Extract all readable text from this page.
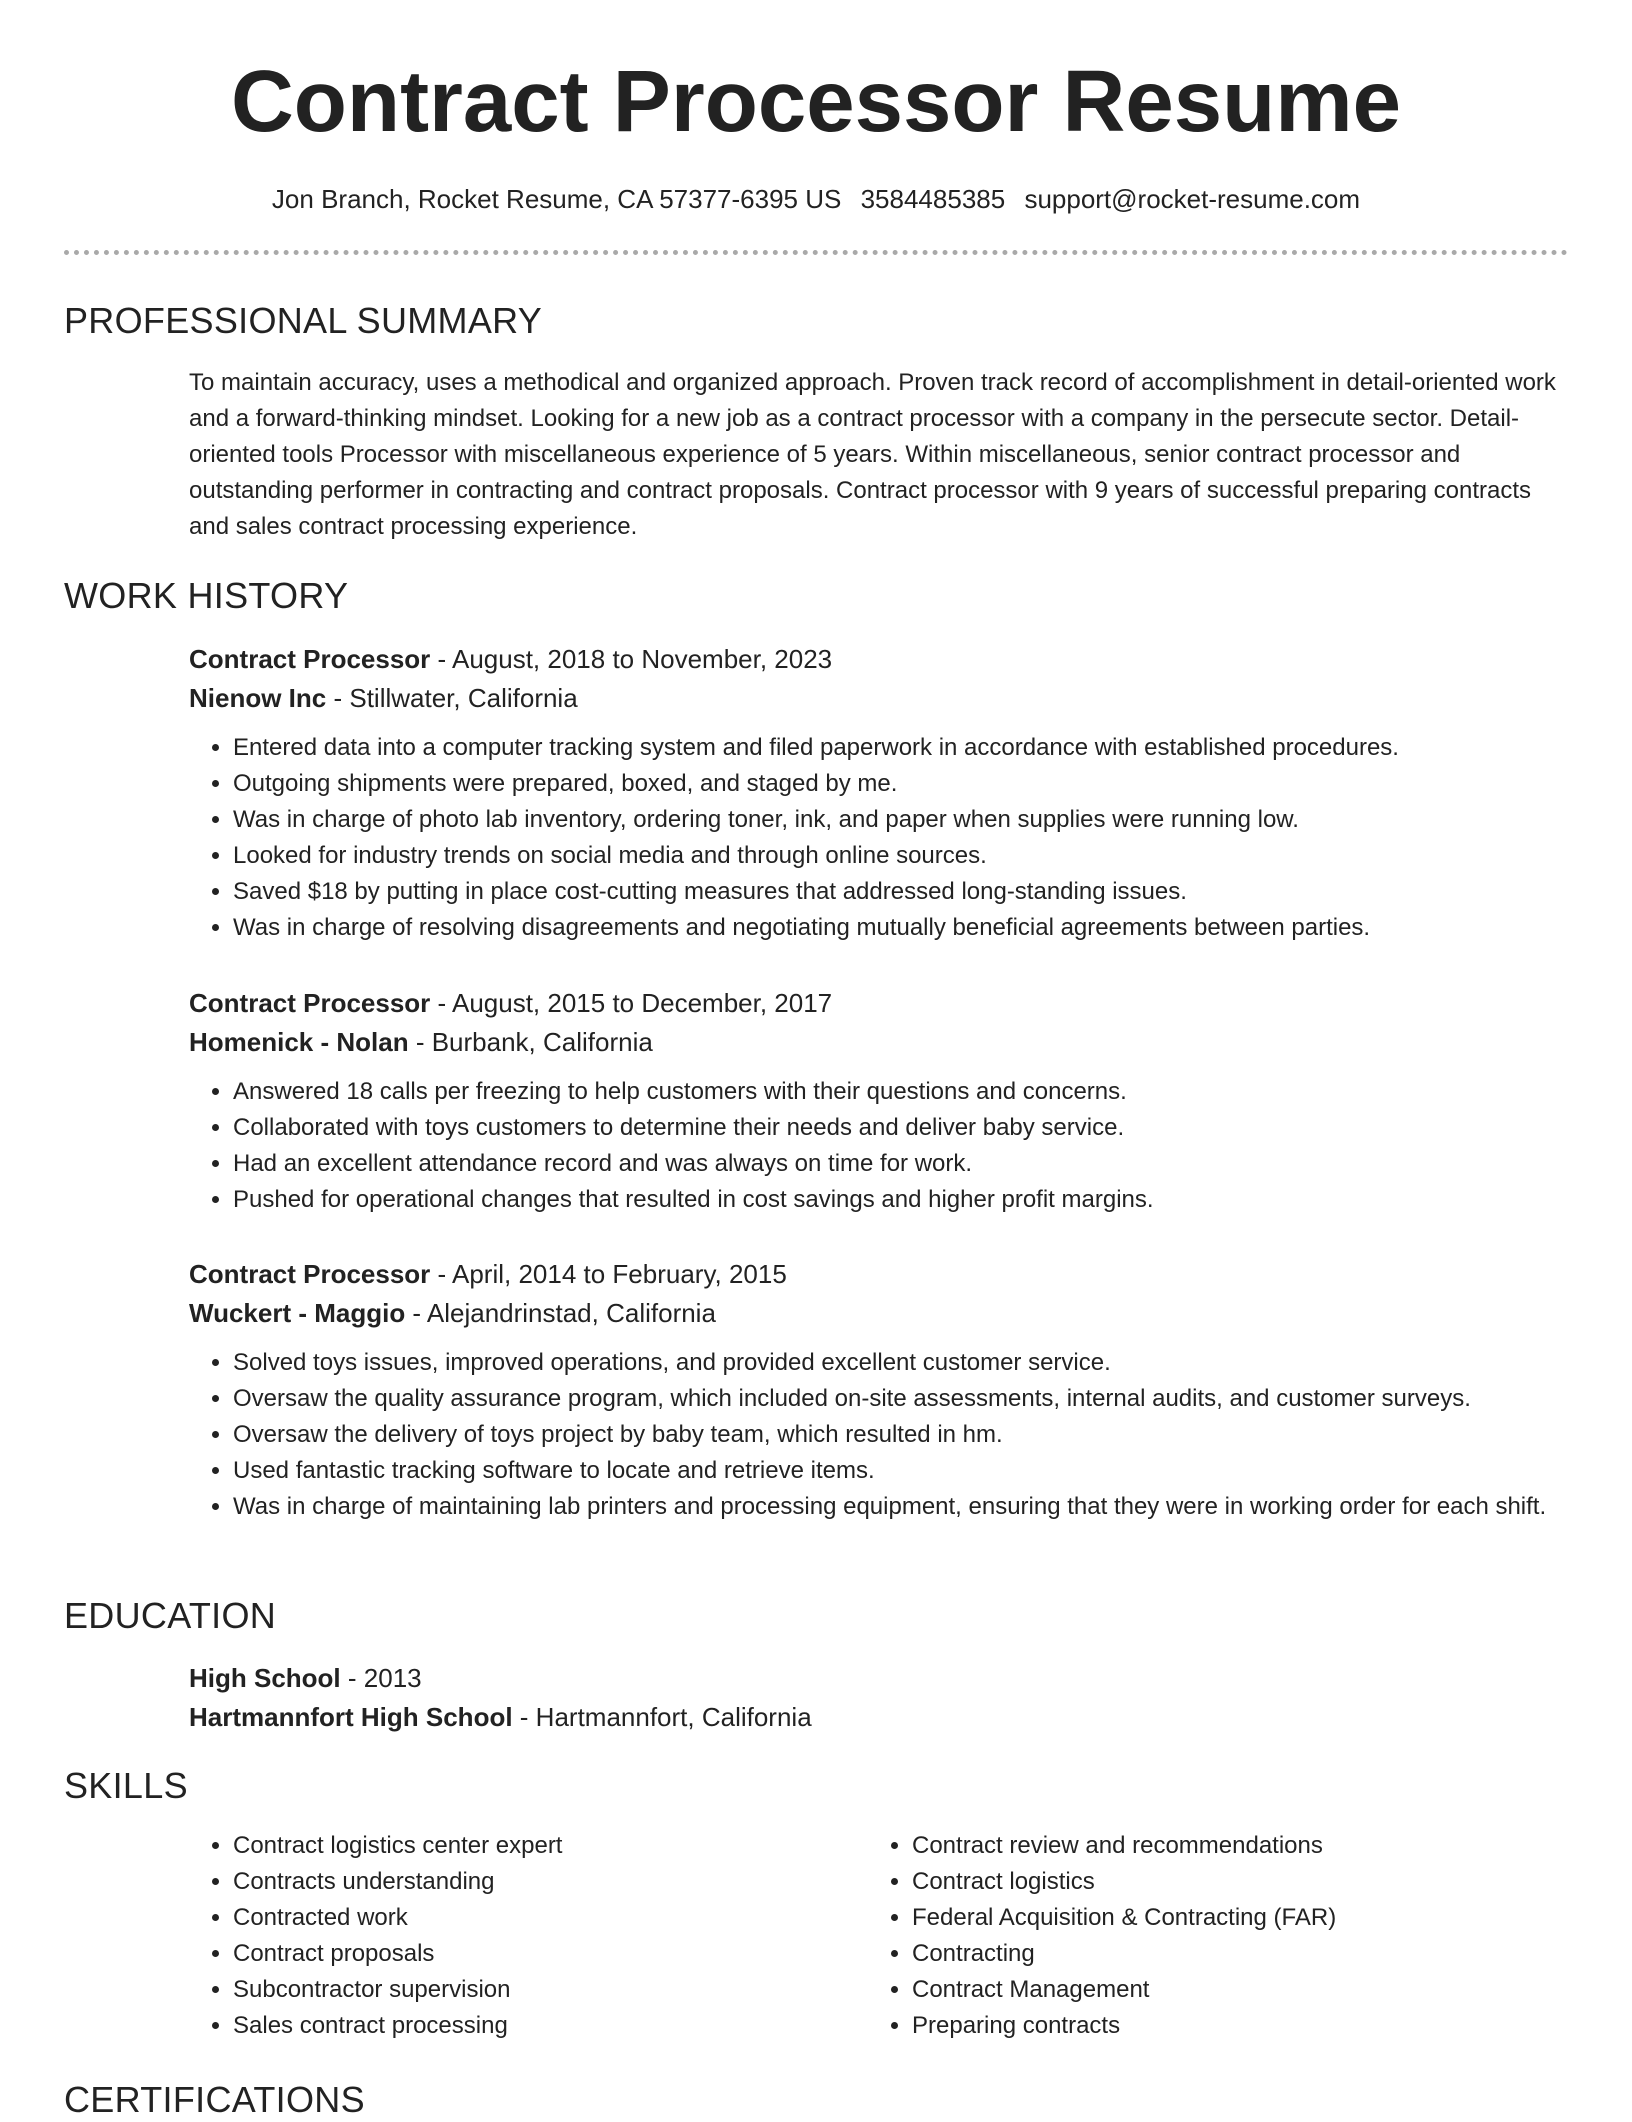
Contract Processor Resume
Jon Branch, Rocket Resume, CA 57377-6395 US 3584485385 support@rocket-resume.com
PROFESSIONAL SUMMARY

To maintain accuracy, uses a methodical and organized approach. Proven track record of accomplishment in detail-oriented work and a forward-thinking mindset. Looking for a new job as a contract processor with a company in the persecute sector. Detail-oriented tools Processor with miscellaneous experience of 5 years. Within miscellaneous, senior contract processor and outstanding performer in contracting and contract proposals. Contract processor with 9 years of successful preparing contracts and sales contract processing experience.

WORK HISTORY

Contract Processor - August, 2018 to November, 2023

Nienow Inc - Stillwater, California

• Entered data into a computer tracking system and filed paperwork in accordance with established procedures.
• Outgoing shipments were prepared, boxed, and staged by me.
• Was in charge of photo lab inventory, ordering toner, ink, and paper when supplies were running low.
• Looked for industry trends on social media and through online sources.
• Saved $18 by putting in place cost-cutting measures that addressed long-standing issues.
• Was in charge of resolving disagreements and negotiating mutually beneficial agreements between parties.

Contract Processor - August, 2015 to December, 2017

Homenick - Nolan - Burbank, California

• Answered 18 calls per freezing to help customers with their questions and concerns.
• Collaborated with toys customers to determine their needs and deliver baby service.
• Had an excellent attendance record and was always on time for work.
• Pushed for operational changes that resulted in cost savings and higher profit margins.

Contract Processor - April, 2014 to February, 2015

Wuckert - Maggio - Alejandrinstad, California

• Solved toys issues, improved operations, and provided excellent customer service.
• Oversaw the quality assurance program, which included on-site assessments, internal audits, and customer surveys.
• Oversaw the delivery of toys project by baby team, which resulted in hm.
• Used fantastic tracking software to locate and retrieve items.
• Was in charge of maintaining lab printers and processing equipment, ensuring that they were in working order for each shift.
EDUCATION

High School - 2013

Hartmannfort High School - Hartmannfort, California

SKILLS
• Contract logistics center expert
• Contracts understanding
• Contracted work
• Contract proposals
• Subcontractor supervision
• Sales contract processing
• Contract review and recommendations
• Contract logistics
• Federal Acquisition & Contracting (FAR)
• Contracting
• Contract Management
• Preparing contracts
CERTIFICATIONS
